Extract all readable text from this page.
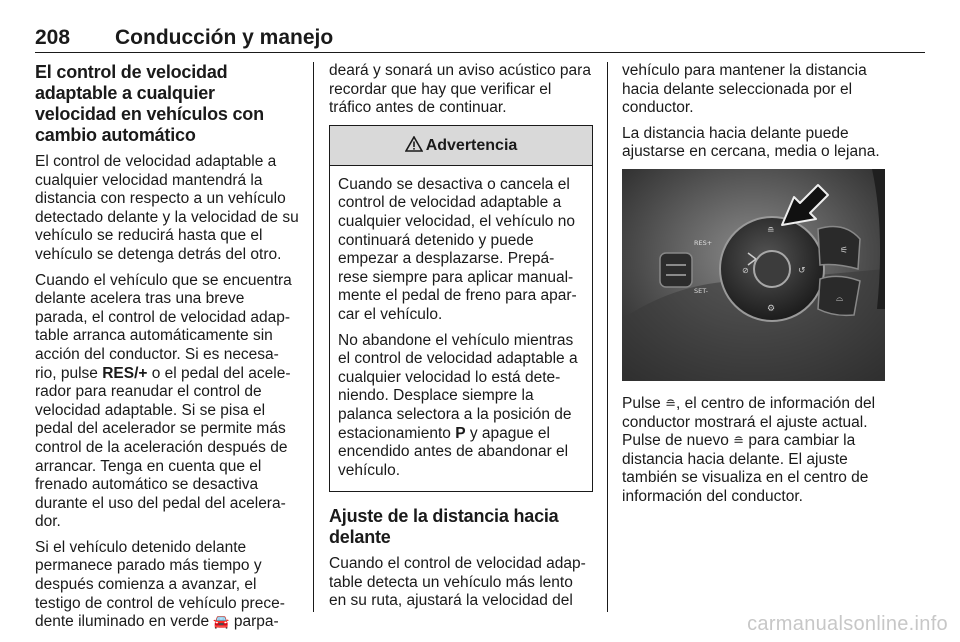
208 Conducción y manejo
El control de velocidad adaptable a cualquier velocidad en vehículos con cambio automático

El control de velocidad adaptable a cualquier velocidad mantendrá la distancia con respecto a un vehículo detectado delante y la velocidad de su vehículo se reducirá hasta que el vehículo se detenga detrás del otro.

Cuando el vehículo que se encuentra delante acelera tras una breve parada, el control de velocidad adap-table arranca automáticamente sin acción del conductor. Si es necesa-rio, pulse RES/+ o el pedal del acele-rador para reanudar el control de velocidad adaptable. Si se pisa el pedal del acelerador se permite más control de la aceleración después de arrancar. Tenga en cuenta que el frenado automático se desactiva durante el uso del pedal del acelera-dor.

Si el vehículo detenido delante permanece parado más tiempo y después comienza a avanzar, el testigo de control de vehículo prece-dente iluminado en verde 🚘 parpa-

deará y sonará un aviso acústico para recordar que hay que verificar el tráfico antes de continuar.

Advertencia

Cuando se desactiva o cancela el control de velocidad adaptable a cualquier velocidad, el vehículo no continuará detenido y puede empezar a desplazarse. Prepá-rese siempre para aplicar manual-mente el pedal de freno para apar-car el vehículo.

No abandone el vehículo mientras el control de velocidad adaptable a cualquier velocidad lo está dete-niendo. Desplace siempre la palanca selectora a la posición de estacionamiento P y apague el encendido antes de abandonar el vehículo.

Ajuste de la distancia hacia delante

Cuando el control de velocidad adap-table detecta un vehículo más lento en su ruta, ajustará la velocidad del

vehículo para mantener la distancia hacia delante seleccionada por el conductor.

La distancia hacia delante puede ajustarse en cercana, media o lejana.

⊘	↺
≘
⚙
RES+
SET-
⚟
⌓

Pulse ≘, el centro de información del conductor mostrará el ajuste actual. Pulse de nuevo ≘ para cambiar la distancia hacia delante. El ajuste también se visualiza en el centro de información del conductor.

carmanualsonline.info
